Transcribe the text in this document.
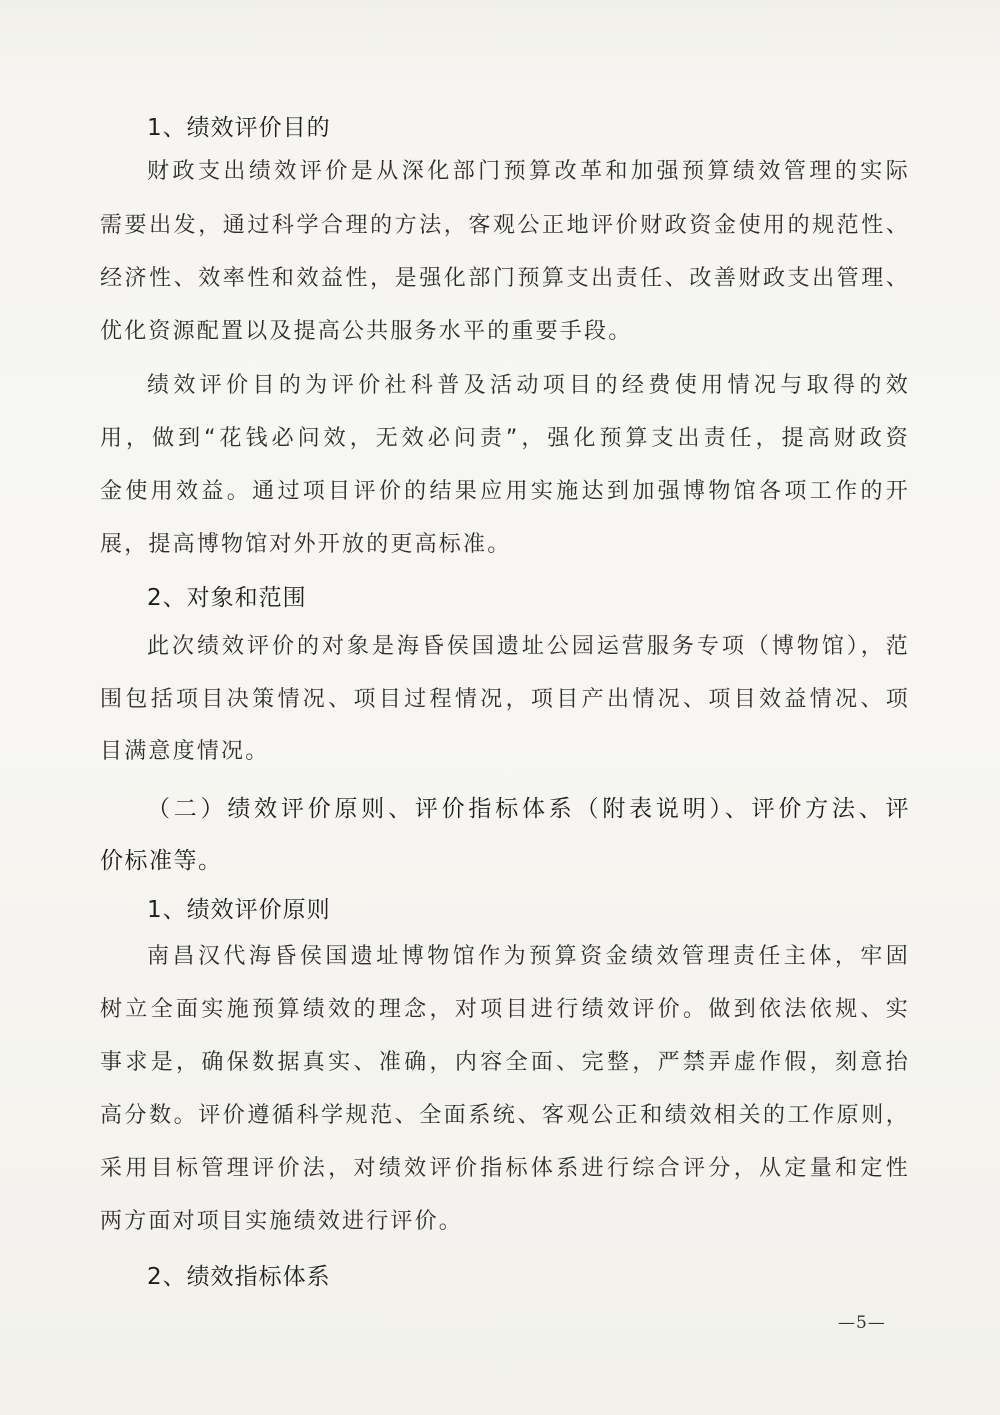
1、绩效评价目的
财政支出绩效评价是从深化部门预算改革和加强预算绩效管理的实际
需要出发，通过科学合理的方法，客观公正地评价财政资金使用的规范性、
经济性、效率性和效益性，是强化部门预算支出责任、改善财政支出管理、
优化资源配置以及提高公共服务水平的重要手段。
绩效评价目的为评价社科普及活动项目的经费使用情况与取得的效
用，做到“花钱必问效，无效必问责”，强化预算支出责任，提高财政资
金使用效益。通过项目评价的结果应用实施达到加强博物馆各项工作的开
展，提高博物馆对外开放的更高标准。
2、对象和范围
此次绩效评价的对象是海昏侯国遗址公园运营服务专项（博物馆），范
围包括项目决策情况、项目过程情况，项目产出情况、项目效益情况、项
目满意度情况。
（二）绩效评价原则、评价指标体系（附表说明）、评价方法、评
价标准等。
1、绩效评价原则
南昌汉代海昏侯国遗址博物馆作为预算资金绩效管理责任主体，牢固
树立全面实施预算绩效的理念，对项目进行绩效评价。做到依法依规、实
事求是，确保数据真实、准确，内容全面、完整，严禁弄虚作假，刻意抬
高分数。评价遵循科学规范、全面系统、客观公正和绩效相关的工作原则，
采用目标管理评价法，对绩效评价指标体系进行综合评分，从定量和定性
两方面对项目实施绩效进行评价。
2、绩效指标体系
—5—
